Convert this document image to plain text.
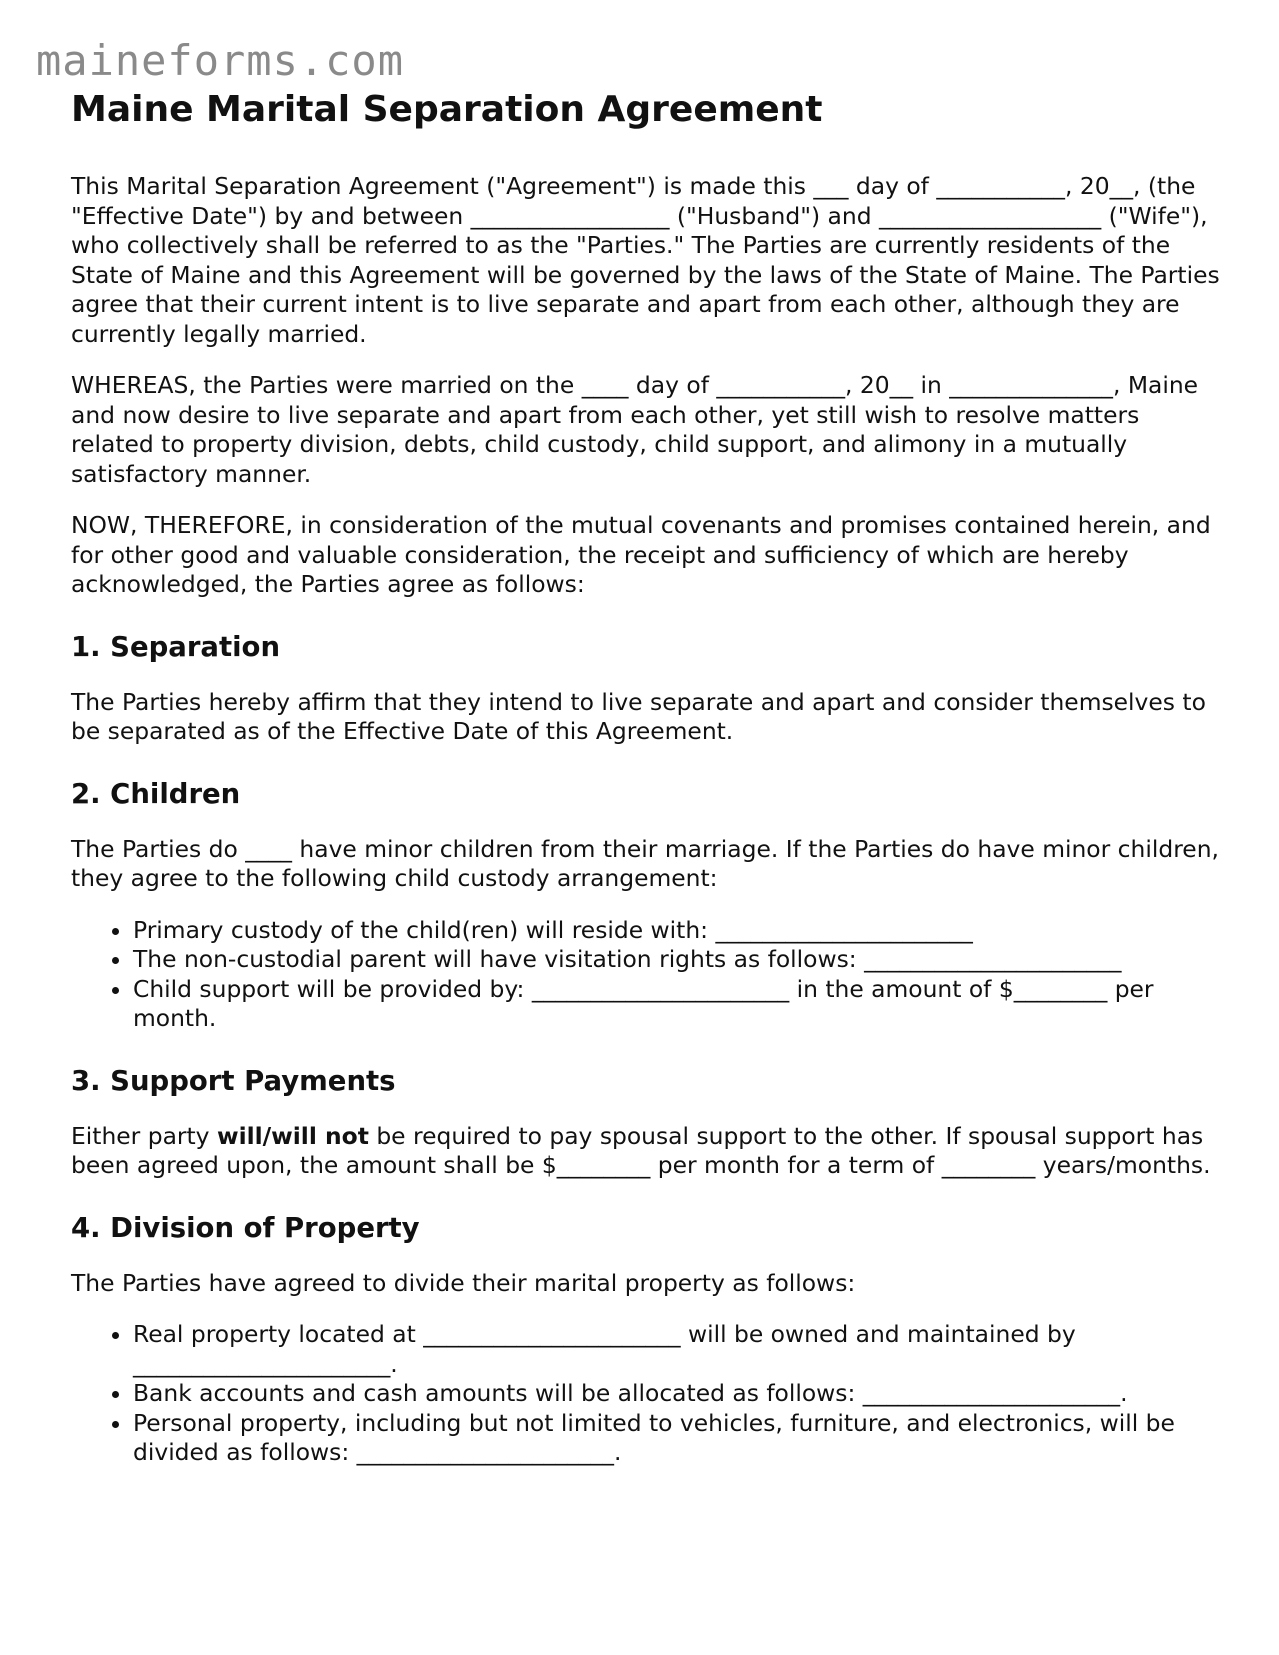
maineforms.com
Maine Marital Separation Agreement

This Marital Separation Agreement ("Agreement") is made this ___ day of ___________, 20__, (the "Effective Date") by and between _________________ ("Husband") and ___________________ ("Wife"), who collectively shall be referred to as the "Parties." The Parties are currently residents of the State of Maine and this Agreement will be governed by the laws of the State of Maine. The Parties agree that their current intent is to live separate and apart from each other, although they are currently legally married.

WHEREAS, the Parties were married on the ____ day of ___________, 20__ in ______________, Maine and now desire to live separate and apart from each other, yet still wish to resolve matters related to property division, debts, child custody, child support, and alimony in a mutually satisfactory manner.

NOW, THEREFORE, in consideration of the mutual covenants and promises contained herein, and for other good and valuable consideration, the receipt and sufficiency of which are hereby acknowledged, the Parties agree as follows:

1. Separation

The Parties hereby affirm that they intend to live separate and apart and consider themselves to be separated as of the Effective Date of this Agreement.

2. Children

The Parties do ____ have minor children from their marriage. If the Parties do have minor children, they agree to the following child custody arrangement:

• Primary custody of the child(ren) will reside with: ______________________
• The non-custodial parent will have visitation rights as follows: ______________________
• Child support will be provided by: ______________________ in the amount of $________ per month.
3. Support Payments

Either party will/will not be required to pay spousal support to the other. If spousal support has been agreed upon, the amount shall be $________ per month for a term of ________ years/months.

4. Division of Property

The Parties have agreed to divide their marital property as follows:

• Real property located at ______________________ will be owned and maintained by ______________________.
• Bank accounts and cash amounts will be allocated as follows: ______________________.
• Personal property, including but not limited to vehicles, furniture, and electronics, will be divided as follows: ______________________.
